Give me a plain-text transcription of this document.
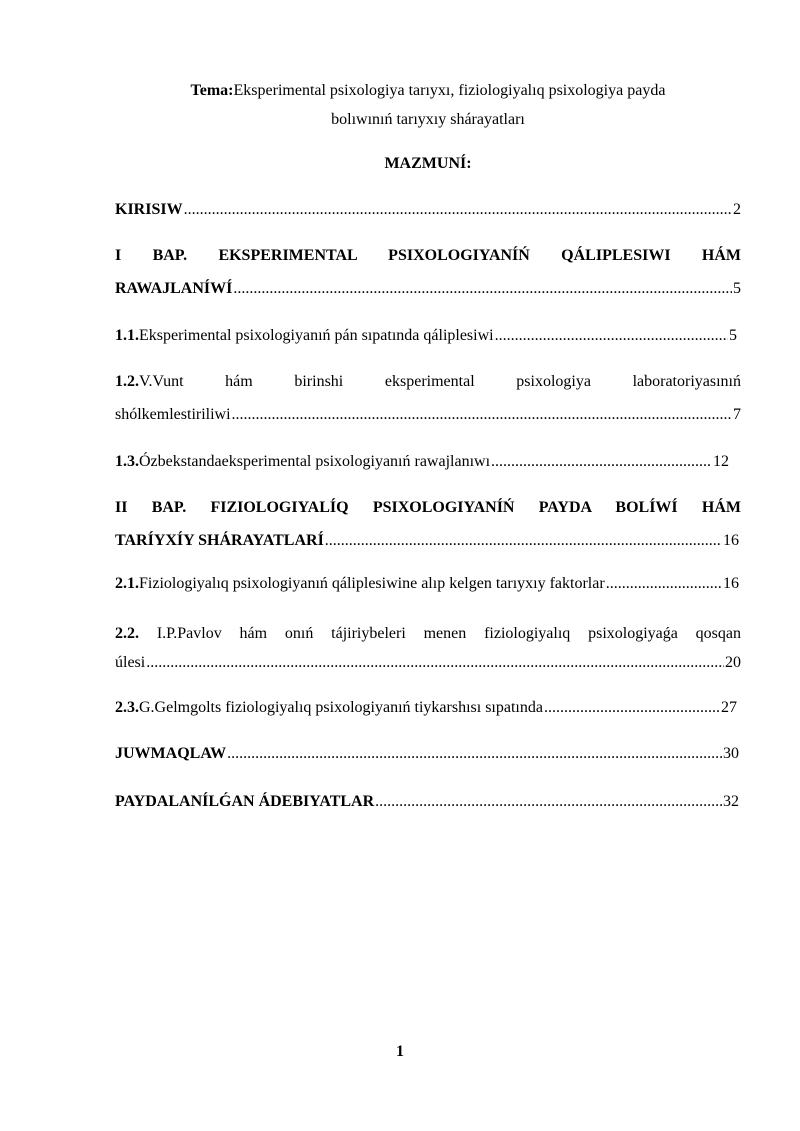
Tema:Eksperimental psixologiya tarıyxı, fiziologiyalıq psixologiya payda
bolıwınıń tarıyxıy shárayatları
MAZMUNÍ:
KIRISIW .....	2
I BAP. EKSPERIMENTAL PSIXOLOGIYANÍŃ QÁLIPLESIWI HÁM
RAWAJLANÍWÍ .....	5
1.1. Eksperimental psixologiyanıń pán sıpatında qáliplesiwi .....	5
1.2.V.Vunt hám birinshi eksperimental psixologiya laboratoriyasınıń
shólkemlestiriliwi .....	7
1.3. Ózbekstandaeksperimental psixologiyanıń rawajlanıwı .....	12
II BAP. FIZIOLOGIYALÍQ PSIXOLOGIYANÍŃ PAYDA BOLÍWÍ HÁM
TARÍYXÍY SHÁRAYATLARÍ .....	16
2.1. Fiziologiyalıq psixologiyanıń qáliplesiwine alıp kelgen tarıyxıy faktorlar .....	16
2.2. I.P.Pavlov hám onıń tájiriybeleri menen fiziologiyalıq psixologiyaǵa qosqan
úlesi .....	20
2.3. G.Gelmgolts fiziologiyalıq psixologiyanıń tiykarshısı sıpatında .....	27
JUWMAQLAW .....	30
PAYDALANÍLǴAN ÁDEBIYATLAR .....	32
1
